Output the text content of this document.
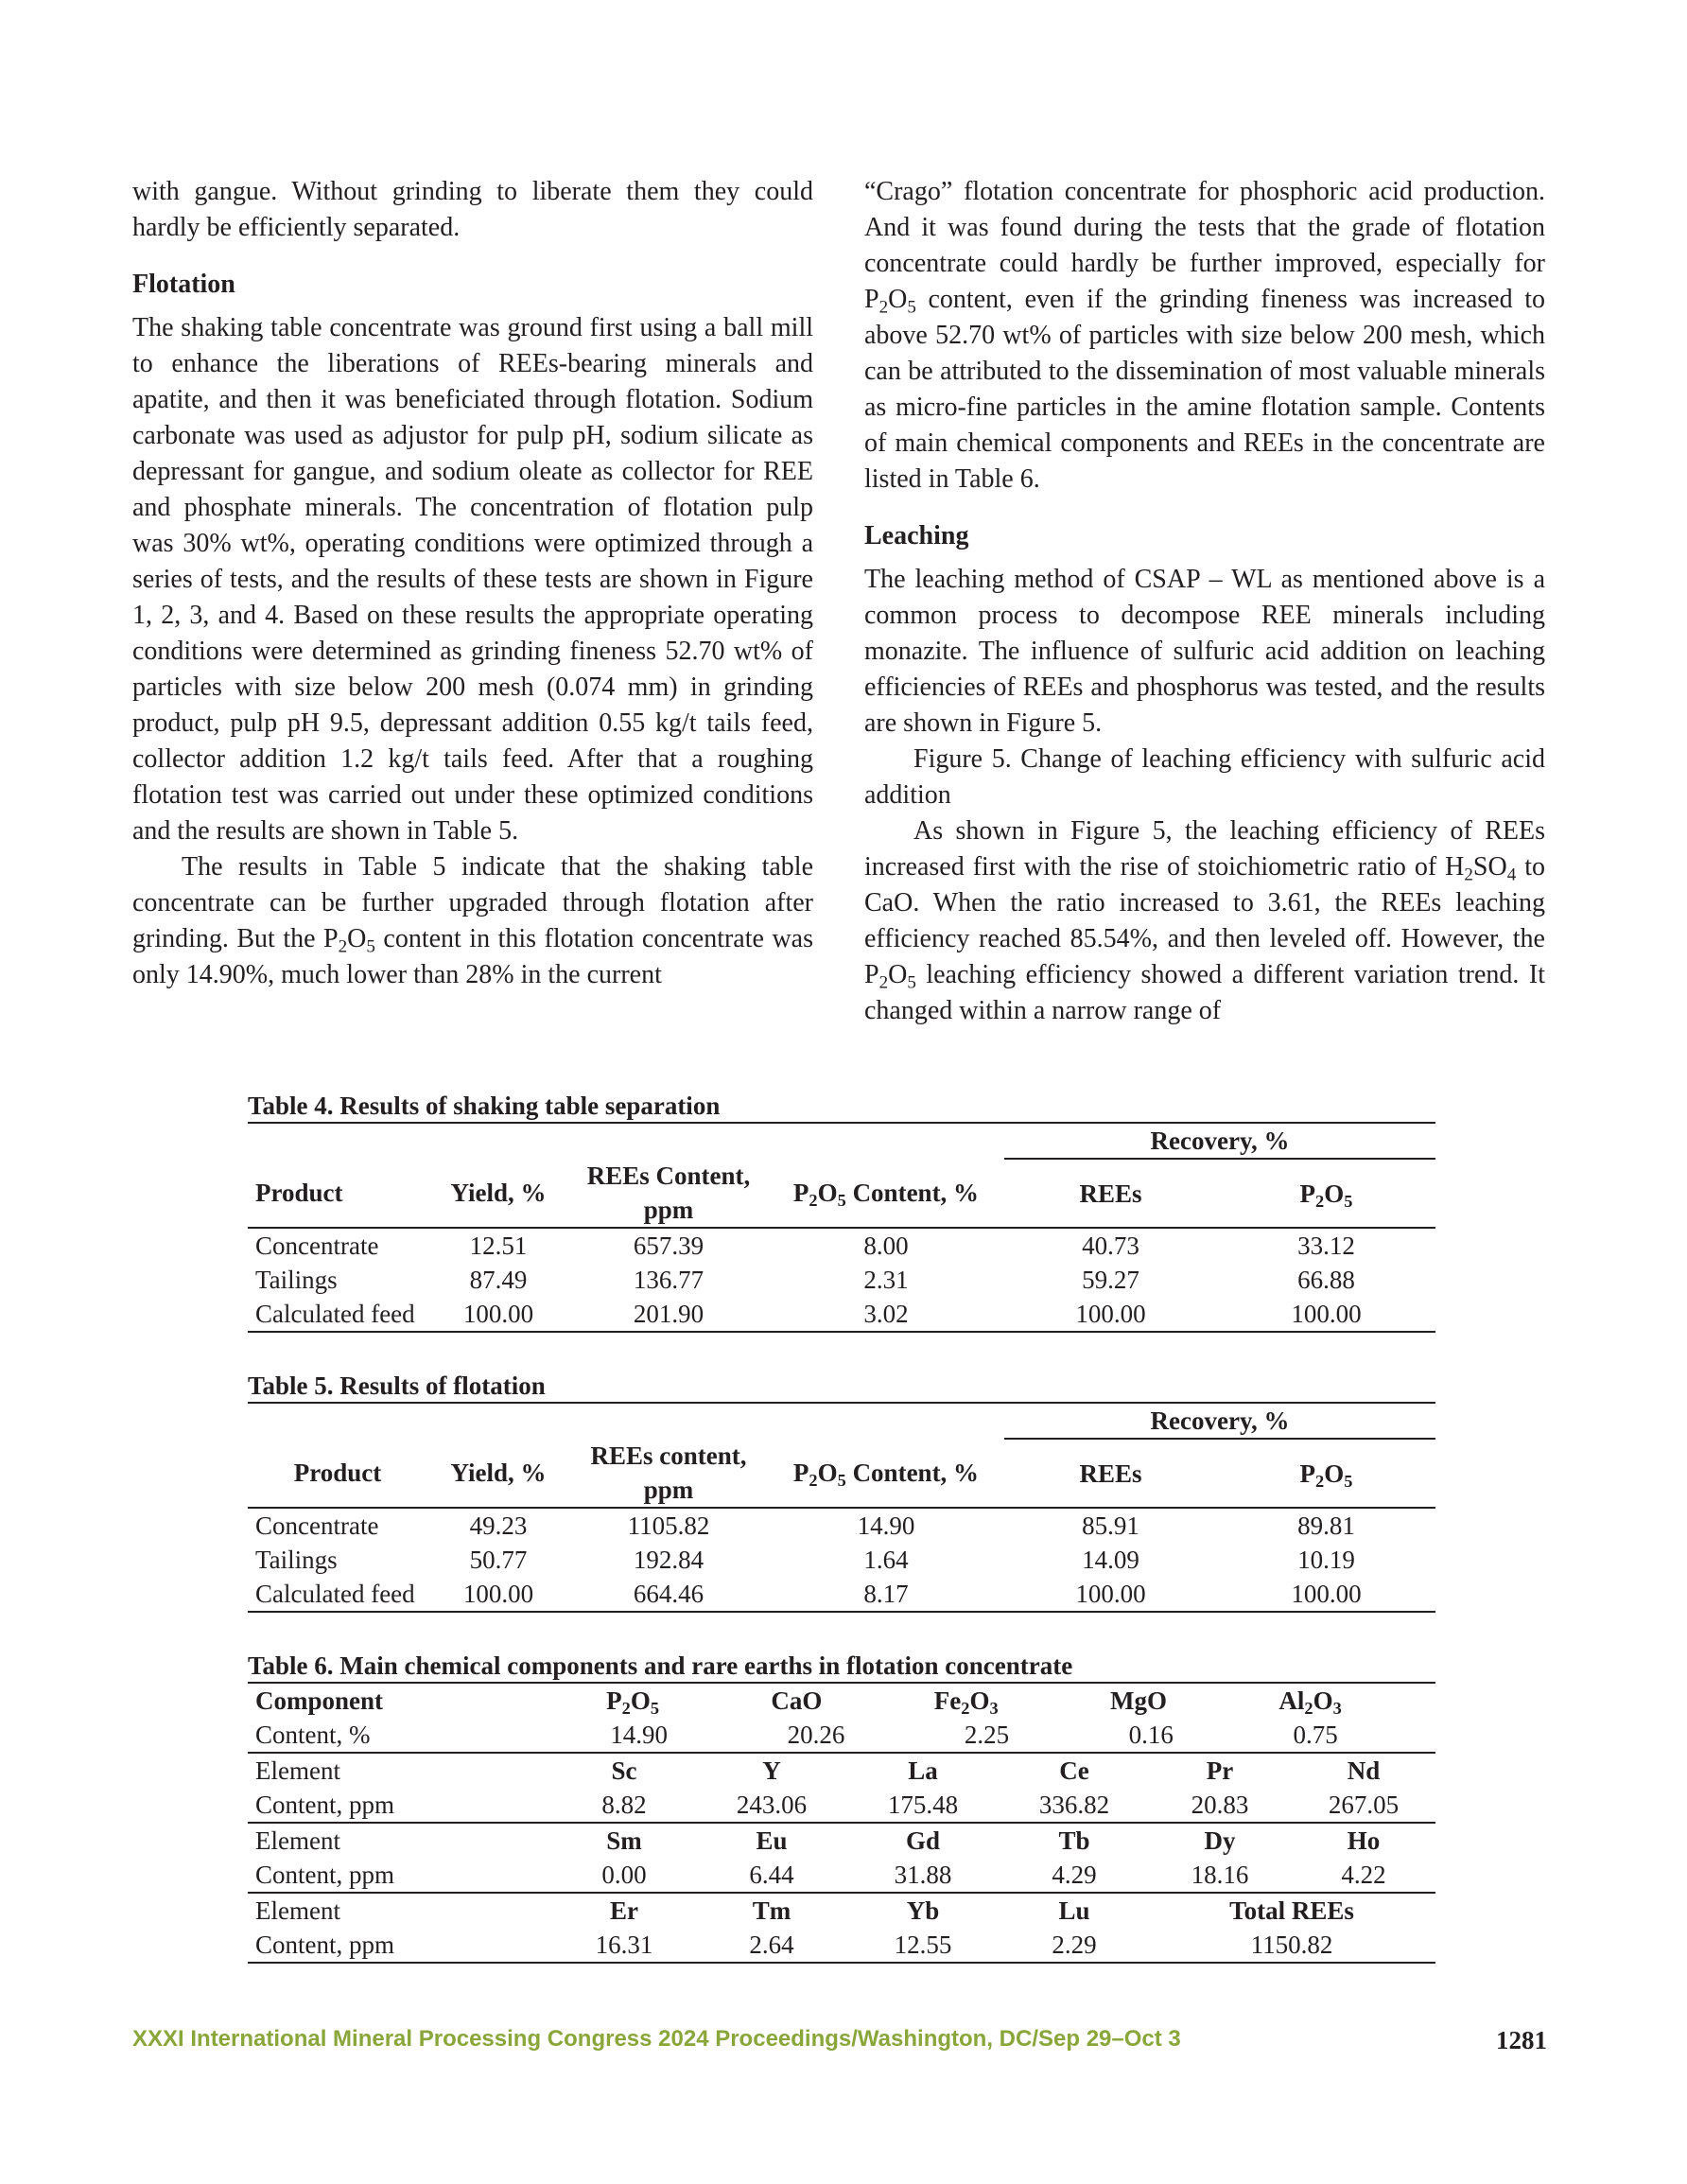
with gangue. Without grinding to liberate them they could hardly be efficiently separated.

Flotation

The shaking table concentrate was ground first using a ball mill to enhance the liberations of REEs-bearing minerals and apatite, and then it was beneficiated through flotation. Sodium carbonate was used as adjustor for pulp pH, sodium silicate as depressant for gangue, and sodium oleate as collector for REE and phosphate minerals. The concentration of flotation pulp was 30% wt%, operating conditions were optimized through a series of tests, and the results of these tests are shown in Figure 1, 2, 3, and 4. Based on these results the appropriate operating conditions were determined as grinding fineness 52.70 wt% of particles with size below 200 mesh (0.074 mm) in grinding product, pulp pH 9.5, depressant addition 0.55 kg/t tails feed, collector addition 1.2 kg/t tails feed. After that a roughing flotation test was carried out under these optimized conditions and the results are shown in Table 5.

The results in Table 5 indicate that the shaking table concentrate can be further upgraded through flotation after grinding. But the $P_2O_5$ content in this flotation concentrate was only 14.90%, much lower than 28% in the current

“Crago” flotation concentrate for phosphoric acid production. And it was found during the tests that the grade of flotation concentrate could hardly be further improved, especially for $P_2O_5$ content, even if the grinding fineness was increased to above 52.70 wt% of particles with size below 200 mesh, which can be attributed to the dissemination of most valuable minerals as micro-fine particles in the amine flotation sample. Contents of main chemical components and REEs in the concentrate are listed in Table 6.

Leaching

The leaching method of CSAP – WL as mentioned above is a common process to decompose REE minerals including monazite. The influence of sulfuric acid addition on leaching efficiencies of REEs and phosphorus was tested, and the results are shown in Figure 5.

Figure 5. Change of leaching efficiency with sulfuric acid addition

As shown in Figure 5, the leaching efficiency of REEs increased first with the rise of stoichiometric ratio of $H_2SO_4$ to CaO. When the ratio increased to 3.61, the REEs leaching efficiency reached 85.54%, and then leveled off. However, the $P_2O_5$ leaching efficiency showed a different variation trend. It changed within a narrow range of

Table 4. Results of shaking table separation
				Recovery, %	
Product	Yield, %	REEs Content, ppm	$P_2O_5$ Content, %	REEs	$P_2O_5$
Concentrate	12.51	657.39	8.00	40.73	33.12
Tailings	87.49	136.77	2.31	59.27	66.88
Calculated feed	100.00	201.90	3.02	100.00	100.00
Table 5. Results of flotation
				Recovery, %	
Product	Yield, %	REEs content, ppm	$P_2O_5$ Content, %	REEs	$P_2O_5$
Concentrate	49.23	1105.82	14.90	85.91	89.81
Tailings	50.77	192.84	1.64	14.09	10.19
Calculated feed	100.00	664.46	8.17	100.00	100.00
Table 6. Main chemical components and rare earths in flotation concentrate
Component	$P_2O_5$ CaO $Fe_2O_3$ MgO $Al_2O_3$

Content, %	14.90 20.26 2.25 0.16 0.75					

Element	Sc	Y	La	Ce	Pr	Nd
Content, ppm	8.82	243.06	175.48	336.82	20.83	267.05
Element	Sm	Eu	Gd	Tb	Dy	Ho
Content, ppm	0.00	6.44	31.88	4.29	18.16	4.22
Element	Er	Tm	Yb	Lu	Total REEs	
Content, ppm	16.31	2.64	12.55	2.29	1150.82	
XXXI International Mineral Processing Congress 2024 Proceedings/Washington, DC/Sep 29–Oct 3	1281
